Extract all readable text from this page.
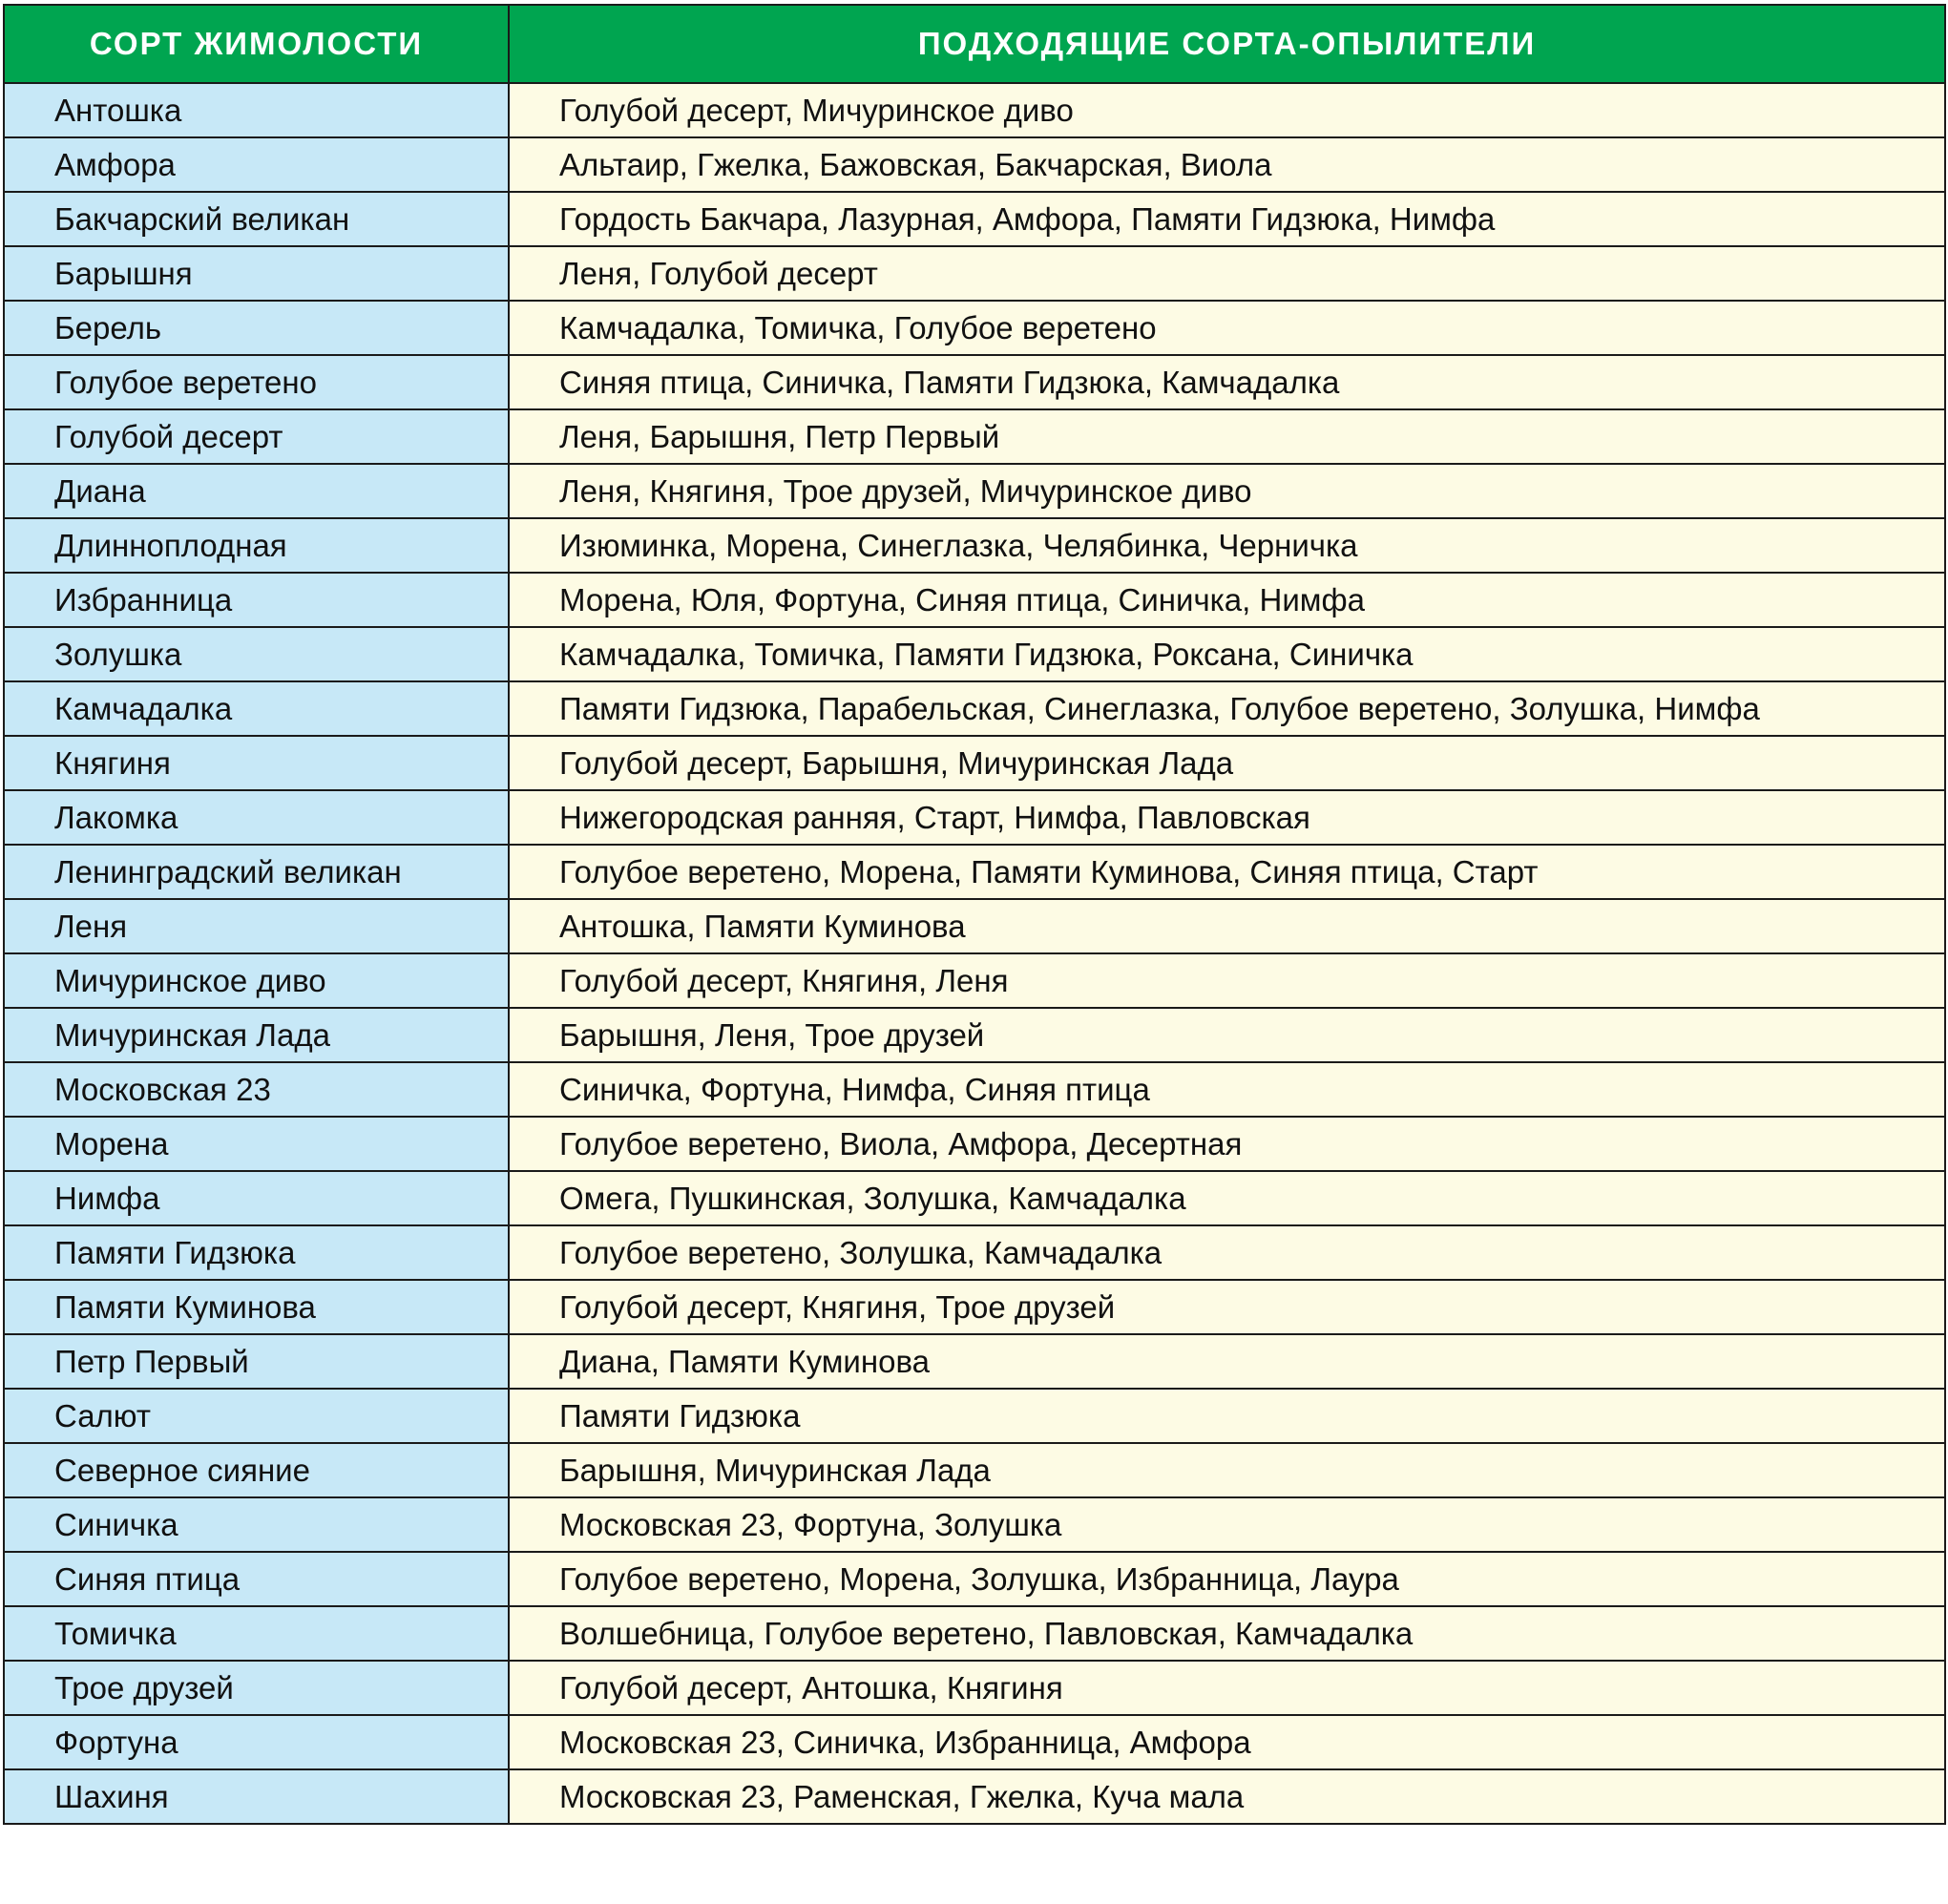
СОРТ ЖИМОЛОСТИ	ПОДХОДЯЩИЕ СОРТА-ОПЫЛИТЕЛИ
Антошка	Голубой десерт, Мичуринское диво
Амфора	Альтаир, Гжелка, Бажовская, Бакчарская, Виола
Бакчарский великан	Гордость Бакчара, Лазурная, Амфора, Памяти Гидзюка, Нимфа
Барышня	Леня, Голубой десерт
Берель	Камчадалка, Томичка, Голубое веретено
Голубое веретено	Синяя птица, Синичка, Памяти Гидзюка, Камчадалка
Голубой десерт	Леня, Барышня, Петр Первый
Диана	Леня, Княгиня, Трое друзей, Мичуринское диво
Длинноплодная	Изюминка, Морена, Синеглазка, Челябинка, Черничка
Избранница	Морена, Юля, Фортуна, Синяя птица, Синичка, Нимфа
Золушка	Камчадалка, Томичка, Памяти Гидзюка, Роксана, Синичка
Камчадалка	Памяти Гидзюка, Парабельская, Синеглазка, Голубое веретено, Золушка, Нимфа
Княгиня	Голубой десерт, Барышня, Мичуринская Лада
Лакомка	Нижегородская ранняя, Старт, Нимфа, Павловская
Ленинградский великан	Голубое веретено, Морена, Памяти Куминова, Синяя птица, Старт
Леня	Антошка, Памяти Куминова
Мичуринское диво	Голубой десерт, Княгиня, Леня
Мичуринская Лада	Барышня, Леня, Трое друзей
Московская 23	Синичка, Фортуна, Нимфа, Синяя птица
Морена	Голубое веретено, Виола, Амфора, Десертная
Нимфа	Омега, Пушкинская, Золушка, Камчадалка
Памяти Гидзюка	Голубое веретено, Золушка, Камчадалка
Памяти Куминова	Голубой десерт, Княгиня, Трое друзей
Петр Первый	Диана, Памяти Куминова
Салют	Памяти Гидзюка
Северное сияние	Барышня, Мичуринская Лада
Синичка	Московская 23, Фортуна, Золушка
Синяя птица	Голубое веретено, Морена, Золушка, Избранница, Лаура
Томичка	Волшебница, Голубое веретено, Павловская, Камчадалка
Трое друзей	Голубой десерт, Антошка, Княгиня
Фортуна	Московская 23, Синичка, Избранница, Амфора
Шахиня	Московская 23, Раменская, Гжелка, Куча мала
